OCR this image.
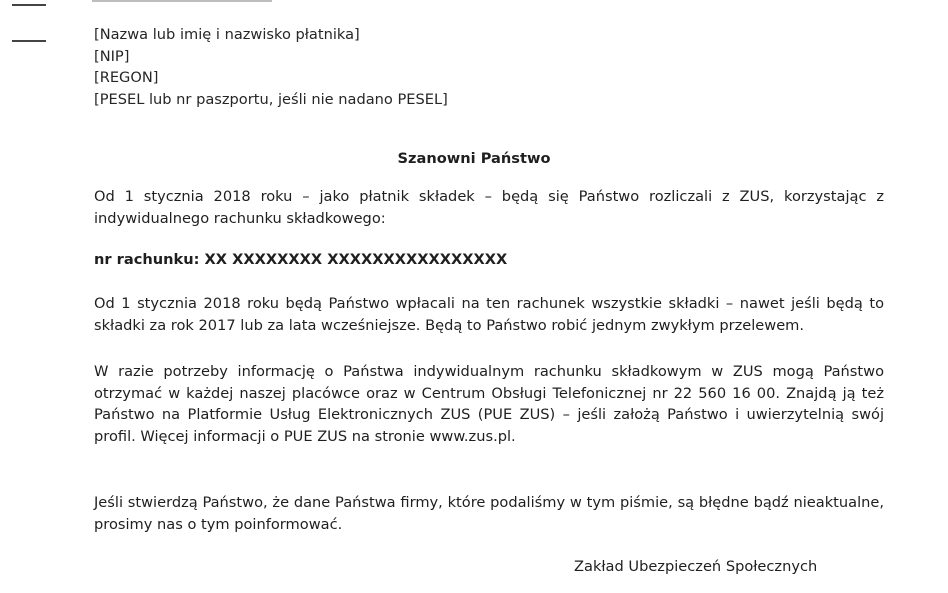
[Nazwa lub imię i nazwisko płatnika]
[NIP]
[REGON]
[PESEL lub nr paszportu, jeśli nie nadano PESEL]
Szanowni Państwo
Od 1 stycznia 2018 roku – jako płatnik składek – będą się Państwo rozliczali z ZUS, korzystając z indywidualnego rachunku składkowego:
nr rachunku: XX XXXXXXXX XXXXXXXXXXXXXXXX
Od 1 stycznia 2018 roku będą Państwo wpłacali na ten rachunek wszystkie składki – nawet jeśli będą to składki za rok 2017 lub za lata wcześniejsze. Będą to Państwo robić jednym zwykłym przelewem.
W razie potrzeby informację o Państwa indywidualnym rachunku składkowym w ZUS mogą Państwo otrzymać w każdej naszej placówce oraz w Centrum Obsługi Telefonicznej nr 22 560 16 00. Znajdą ją też Państwo na Platformie Usług Elektronicznych ZUS (PUE ZUS) – jeśli założą Państwo i uwierzytelnią swój profil. Więcej informacji o PUE ZUS na stronie www.zus.pl.
Jeśli stwierdzą Państwo, że dane Państwa firmy, które podaliśmy w tym piśmie, są błędne bądź nieaktualne, prosimy nas o tym poinformować.
Zakład Ubezpieczeń Społecznych
